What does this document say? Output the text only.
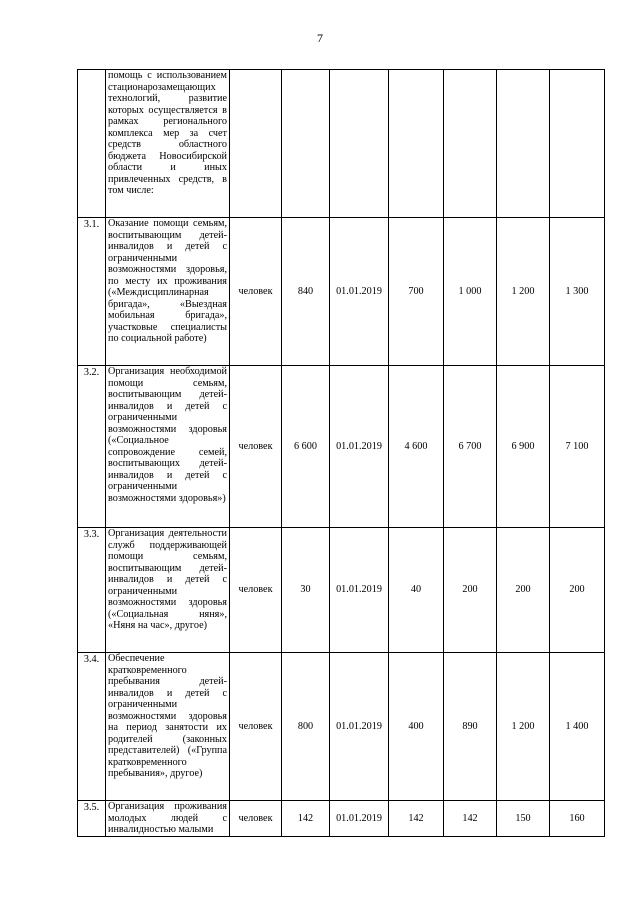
7
	помощь с использованием стационарозамещающих технологий, развитие которых осуществляется в рамках регионального комплекса мер за счет средств областного бюджета Новосибирской области и иных привлеченных средств, в том числе:							
3.1.	Оказание помощи семьям, воспитывающим детей-инвалидов и детей с ограниченными возможностями здоровья, по месту их проживания («Междисциплинарная бригада», «Выездная мобильная бригада», участковые специалисты по социальной работе)	человек	840	01.01.2019	700	1 000	1 200	1 300
3.2.	Организация необходимой помощи семьям, воспитывающим детей-инвалидов и детей с ограниченными возможностями здоровья («Социальное сопровождение семей, воспитывающих детей-инвалидов и детей с ограниченными возможностями здоровья»)	человек	6 600	01.01.2019	4 600	6 700	6 900	7 100
3.3.	Организация деятельности служб поддерживающей помощи семьям, воспитывающим детей-инвалидов и детей с ограниченными возможностями здоровья («Социальная няня», «Няня на час», другое)	человек	30	01.01.2019	40	200	200	200
3.4.	Обеспечение кратковременного пребывания детей-инвалидов и детей с ограниченными возможностями здоровья на период занятости их родителей (законных представителей) («Группа кратковременного пребывания», другое)	человек	800	01.01.2019	400	890	1 200	1 400
3.5.	Организация проживания молодых людей с инвалидностью малыми	человек	142	01.01.2019	142	142	150	160
